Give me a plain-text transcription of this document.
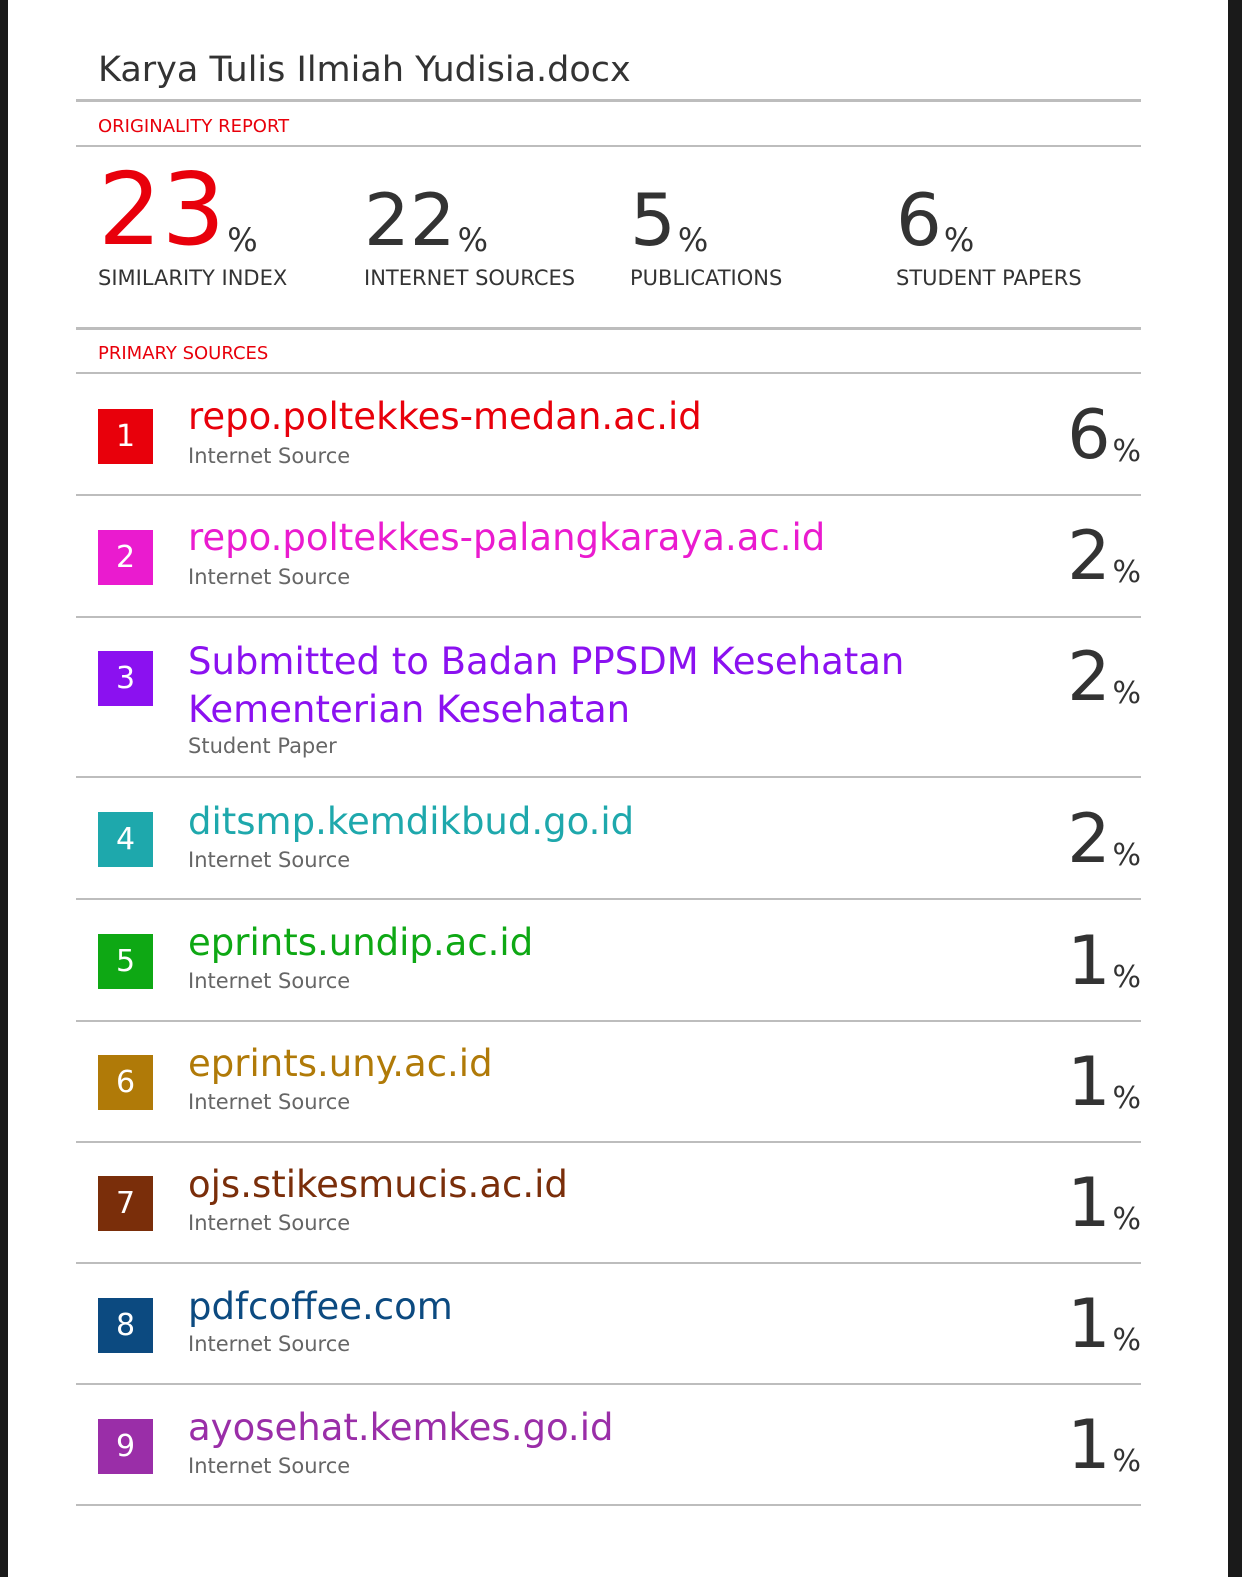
Karya Tulis Ilmiah Yudisia.docx
ORIGINALITY REPORT
23 %
SIMILARITY INDEX
22 %
INTERNET SOURCES
5 %
PUBLICATIONS
6 %
STUDENT PAPERS
PRIMARY SOURCES
1	repo.poltekkes-medan.ac.id
Internet Source	6 %
2	repo.poltekkes-palangkaraya.ac.id
Internet Source	2 %
3	Submitted to Badan PPSDM Kesehatan Kementerian Kesehatan
Student Paper
2 %
4	ditsmp.kemdikbud.go.id
Internet Source	2 %
5	eprints.undip.ac.id
Internet Source	1 %
6	eprints.uny.ac.id
Internet Source	1 %
7	ojs.stikesmucis.ac.id
Internet Source	1 %
8	pdfcoffee.com
Internet Source	1 %
9	ayosehat.kemkes.go.id
Internet Source	1 %
